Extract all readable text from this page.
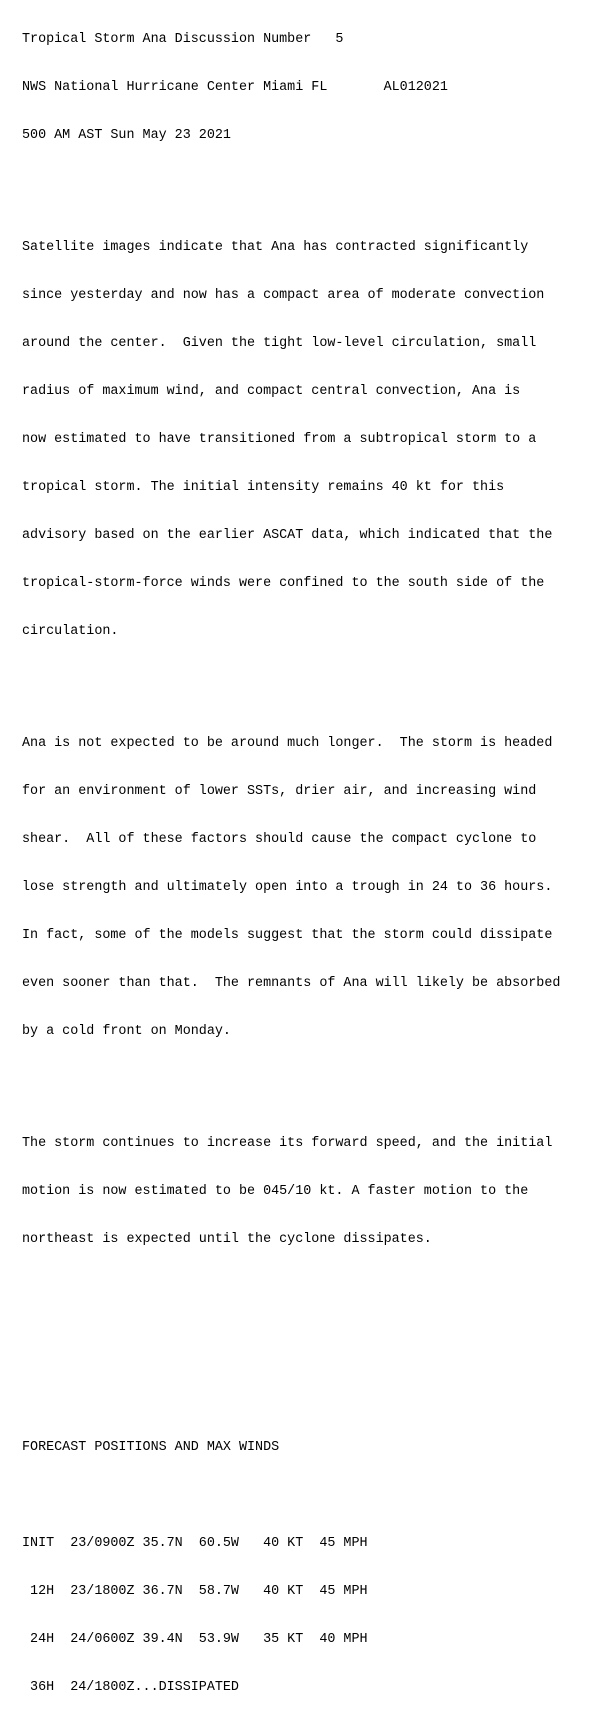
Tropical Storm Ana Discussion Number   5

NWS National Hurricane Center Miami FL       AL012021

500 AM AST Sun May 23 2021

Satellite images indicate that Ana has contracted significantly

since yesterday and now has a compact area of moderate convection

around the center.  Given the tight low-level circulation, small

radius of maximum wind, and compact central convection, Ana is

now estimated to have transitioned from a subtropical storm to a

tropical storm. The initial intensity remains 40 kt for this

advisory based on the earlier ASCAT data, which indicated that the

tropical-storm-force winds were confined to the south side of the

circulation.

Ana is not expected to be around much longer.  The storm is headed

for an environment of lower SSTs, drier air, and increasing wind

shear.  All of these factors should cause the compact cyclone to

lose strength and ultimately open into a trough in 24 to 36 hours.

In fact, some of the models suggest that the storm could dissipate

even sooner than that.  The remnants of Ana will likely be absorbed

by a cold front on Monday.

The storm continues to increase its forward speed, and the initial

motion is now estimated to be 045/10 kt. A faster motion to the

northeast is expected until the cyclone dissipates.

FORECAST POSITIONS AND MAX WINDS

INIT  23/0900Z 35.7N  60.5W   40 KT  45 MPH

12H  23/1800Z 36.7N  58.7W   40 KT  45 MPH

24H  24/0600Z 39.4N  53.9W   35 KT  40 MPH

36H  24/1800Z...DISSIPATED
